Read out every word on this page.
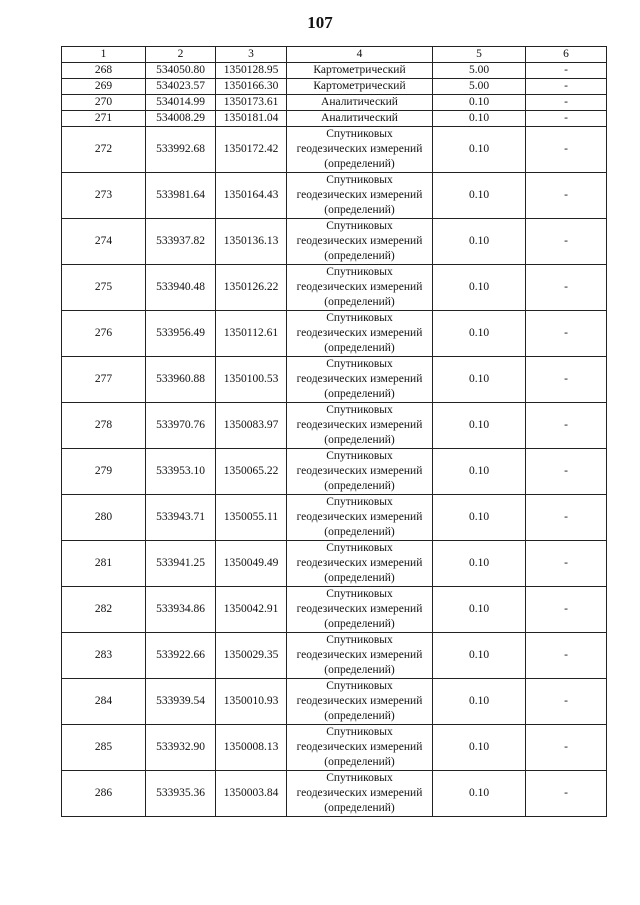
107
1	2	3	4	5	6
268	534050.80	1350128.95	Картометрический	5.00	-
269	534023.57	1350166.30	Картометрический	5.00	-
270	534014.99	1350173.61	Аналитический	0.10	-
271	534008.29	1350181.04	Аналитический	0.10	-
272	533992.68	1350172.42	Спутниковых
геодезических измерений
(определений)	0.10	-
273	533981.64	1350164.43	Спутниковых
геодезических измерений
(определений)	0.10	-
274	533937.82	1350136.13	Спутниковых
геодезических измерений
(определений)	0.10	-
275	533940.48	1350126.22	Спутниковых
геодезических измерений
(определений)	0.10	-
276	533956.49	1350112.61	Спутниковых
геодезических измерений
(определений)	0.10	-
277	533960.88	1350100.53	Спутниковых
геодезических измерений
(определений)	0.10	-
278	533970.76	1350083.97	Спутниковых
геодезических измерений
(определений)	0.10	-
279	533953.10	1350065.22	Спутниковых
геодезических измерений
(определений)	0.10	-
280	533943.71	1350055.11	Спутниковых
геодезических измерений
(определений)	0.10	-
281	533941.25	1350049.49	Спутниковых
геодезических измерений
(определений)	0.10	-
282	533934.86	1350042.91	Спутниковых
геодезических измерений
(определений)	0.10	-
283	533922.66	1350029.35	Спутниковых
геодезических измерений
(определений)	0.10	-
284	533939.54	1350010.93	Спутниковых
геодезических измерений
(определений)	0.10	-
285	533932.90	1350008.13	Спутниковых
геодезических измерений
(определений)	0.10	-
286	533935.36	1350003.84	Спутниковых
геодезических измерений
(определений)	0.10	-
